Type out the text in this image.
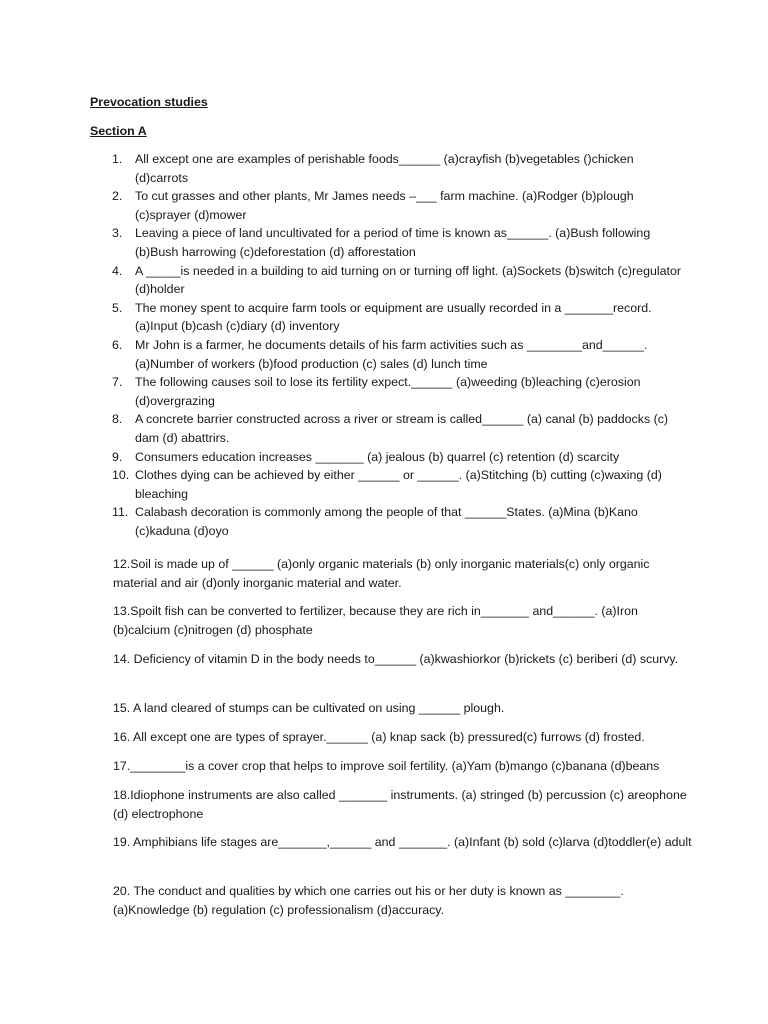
Prevocation studies
Section A
1.	All except one are examples of perishable foods______ (a)crayfish (b)vegetables ()chicken (d)carrots
2.	To cut grasses and other plants, Mr James needs –___ farm machine. (a)Rodger (b)plough (c)sprayer (d)mower
3.	Leaving a piece of land uncultivated for a period of time is known as______. (a)Bush following (b)Bush harrowing (c)deforestation (d) afforestation
4.	A _____is needed in a building to aid turning on or turning off light. (a)Sockets (b)switch (c)regulator (d)holder
5.	The money spent to acquire farm tools or equipment are usually recorded in a _______record. (a)Input (b)cash (c)diary (d) inventory
6.	Mr John is a farmer, he documents details of his farm activities such as ________and______. (a)Number of workers (b)food production (c) sales (d) lunch time
7.	The following causes soil to lose its fertility expect.______ (a)weeding (b)leaching (c)erosion (d)overgrazing
8.	A concrete barrier constructed across a river or stream is called______ (a) canal (b) paddocks (c) dam (d) abattrirs.
9.	Consumers education increases _______ (a) jealous (b) quarrel (c) retention (d) scarcity
10. Clothes dying can be achieved by either ______ or ______. (a)Stitching (b) cutting (c)waxing (d) bleaching
11. Calabash decoration is commonly among the people of that ______States. (a)Mina (b)Kano (c)kaduna (d)oyo
12.Soil is made up of ______ (a)only organic materials (b) only inorganic materials(c) only organic material and air (d)only inorganic material and water.
13.Spoilt fish can be converted to fertilizer, because they are rich in_______ and______. (a)Iron (b)calcium (c)nitrogen (d) phosphate
14. Deficiency of vitamin D in the body needs to______ (a)kwashiorkor (b)rickets (c) beriberi (d) scurvy.
15. A land cleared of stumps can be cultivated on using ______ plough.
16. All except one are types of sprayer.______ (a) knap sack (b) pressured(c) furrows (d) frosted.
17.________is a cover crop that helps to improve soil fertility. (a)Yam (b)mango (c)banana (d)beans
18.Idiophone instruments are also called _______ instruments. (a) stringed (b) percussion (c) areophone (d) electrophone
19. Amphibians life stages are_______,______ and _______. (a)Infant (b) sold (c)larva (d)toddler(e) adult
20. The conduct and qualities by which one carries out his or her duty is known as ________. (a)Knowledge (b) regulation (c) professionalism (d)accuracy.
